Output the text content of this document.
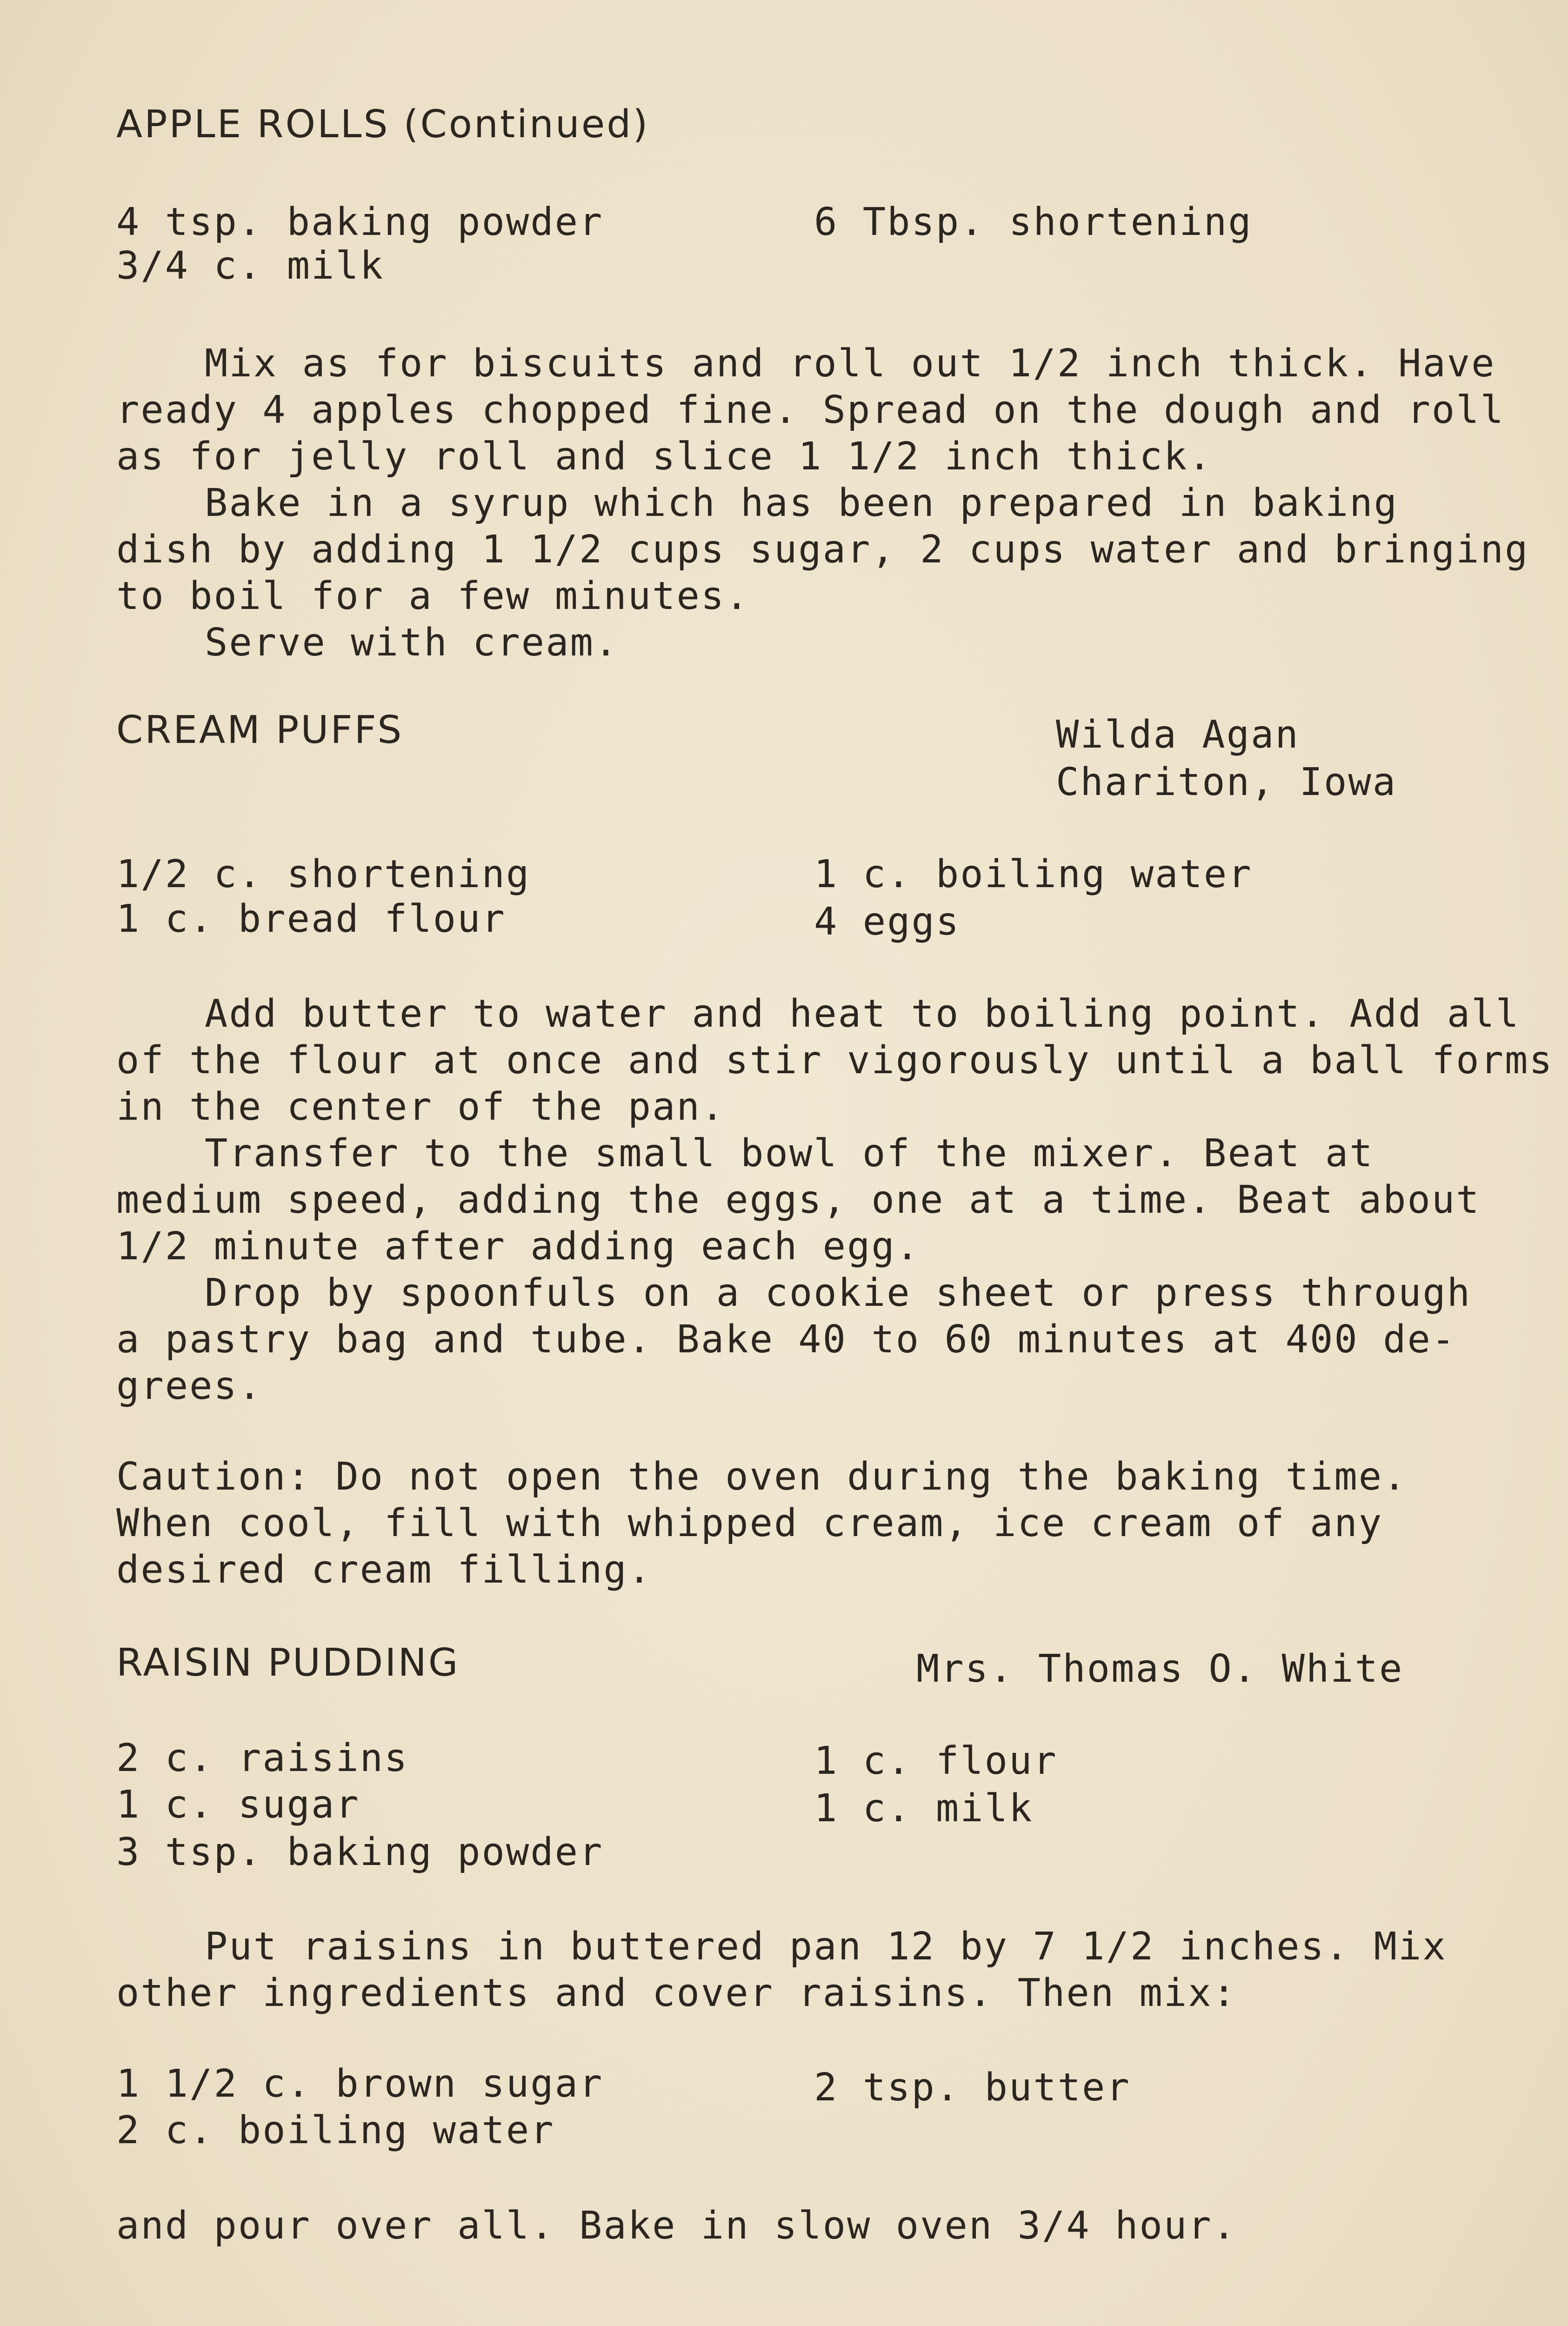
APPLE ROLLS (Continued)
4 tsp. baking powder
3/4 c. milk
6 Tbsp. shortening
Mix as for biscuits and roll out 1/2 inch thick. Have
ready 4 apples chopped fine. Spread on the dough and roll
as for jelly roll and slice 1 1/2 inch thick.
Bake in a syrup which has been prepared in baking
dish by adding 1 1/2 cups sugar, 2 cups water and bringing
to boil for a few minutes.
Serve with cream.
CREAM PUFFS	Wilda Agan
Chariton, Iowa
1/2 c. shortening
1 c. bread flour
1 c. boiling water
4 eggs
Add butter to water and heat to boiling point. Add all
of the flour at once and stir vigorously until a ball forms
in the center of the pan.
Transfer to the small bowl of the mixer. Beat at
medium speed, adding the eggs, one at a time. Beat about
1/2 minute after adding each egg.
Drop by spoonfuls on a cookie sheet or press through
a pastry bag and tube. Bake 40 to 60 minutes at 400 de-
grees.
Caution: Do not open the oven during the baking time.
When cool, fill with whipped cream, ice cream of any
desired cream filling.
RAISIN PUDDING	Mrs. Thomas O. White
2 c. raisins
1 c. sugar
3 tsp. baking powder
1 c. flour
1 c. milk
Put raisins in buttered pan 12 by 7 1/2 inches. Mix
other ingredients and cover raisins. Then mix:
1 1/2 c. brown sugar
2 c. boiling water
2 tsp. butter
and pour over all. Bake in slow oven 3/4 hour.
